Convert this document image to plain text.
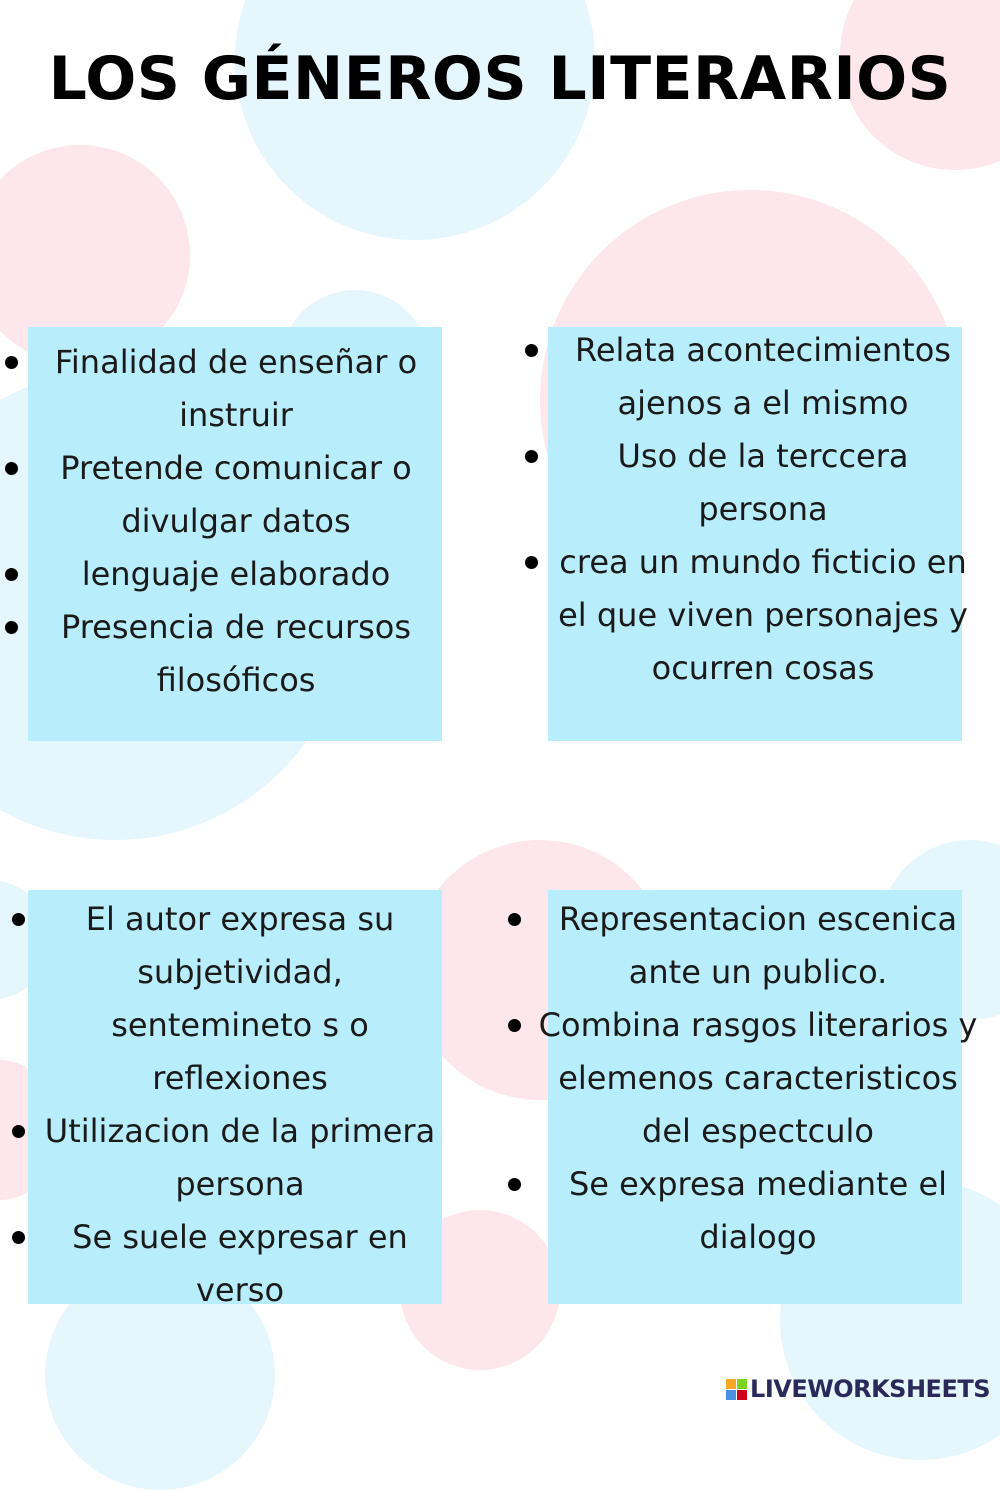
LOS GÉNEROS LITERARIOS
Finalidad de enseñar o instruir
Pretende comunicar o divulgar datos
lenguaje elaborado
Presencia de recursos filosóficos
Relata acontecimientos ajenos a el mismo
Uso de la terccera persona
crea un mundo ficticio en el que viven personajes y ocurren cosas
El autor expresa su subjetividad, sentemineto s o reflexiones
Utilizacion de la primera persona
Se suele expresar en verso
Representacion escenica ante un publico.
Combina rasgos literarios y elemenos caracteristicos del espectculo
Se expresa mediante el dialogo
LIVEWORKSHEETS
